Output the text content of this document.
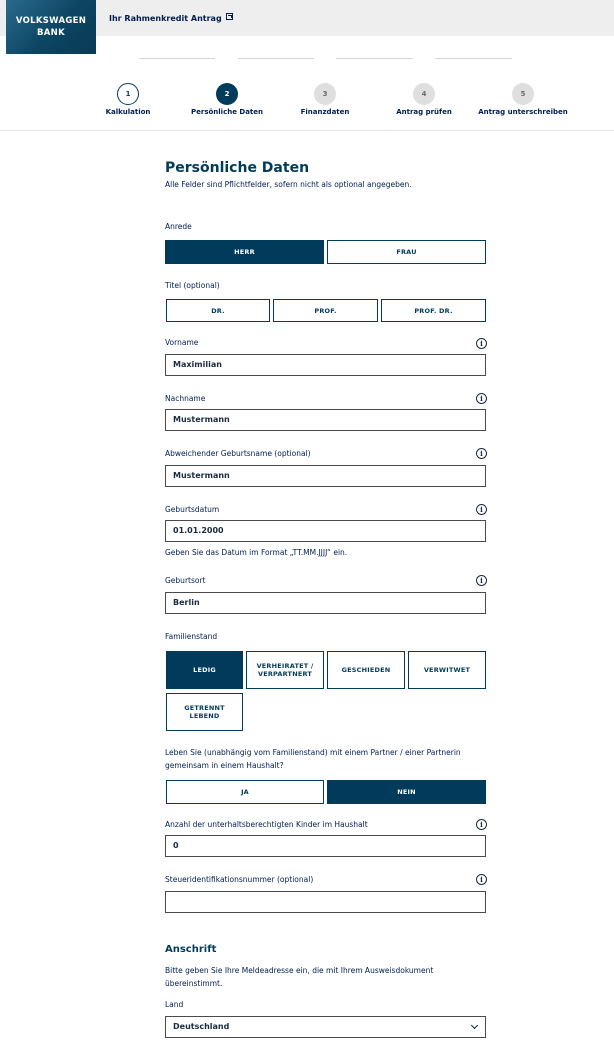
VOLKSWAGEN
BANK
Ihr Rahmenkredit Antrag
1	2	3	4	5
Kalkulation	Persönliche Daten	Finanzdaten	Antrag prüfen	Antrag unterschreiben
Persönliche Daten
Alle Felder sind Pflichtfelder, sofern nicht als optional angegeben.
Anrede
HERR	FRAU
Titel (optional)
DR.	PROF.	PROF. DR.
Vorname	i
Maximilian
Nachname	i
Mustermann
Abweichender Geburtsname (optional)	i
Mustermann
Geburtsdatum	i
01.01.2000
Geben Sie das Datum im Format „TT.MM.JJJJ“ ein.
Geburtsort	i
Berlin
Familienstand
LEDIG	VERHEIRATET / VERPARTNERT	GESCHIEDEN	VERWITWET
GETRENNT LEBEND
Leben Sie (unabhängig vom Familienstand) mit einem Partner / einer Partnerin
gemeinsam in einem Haushalt?
JA	NEIN
Anzahl der unterhaltsberechtigten Kinder im Haushalt	i
0
Steueridentifikationsnummer (optional)	i
Anschrift
Bitte geben Sie Ihre Meldeadresse ein, die mit Ihrem Ausweisdokument
übereinstimmt.
Land
Deutschland
